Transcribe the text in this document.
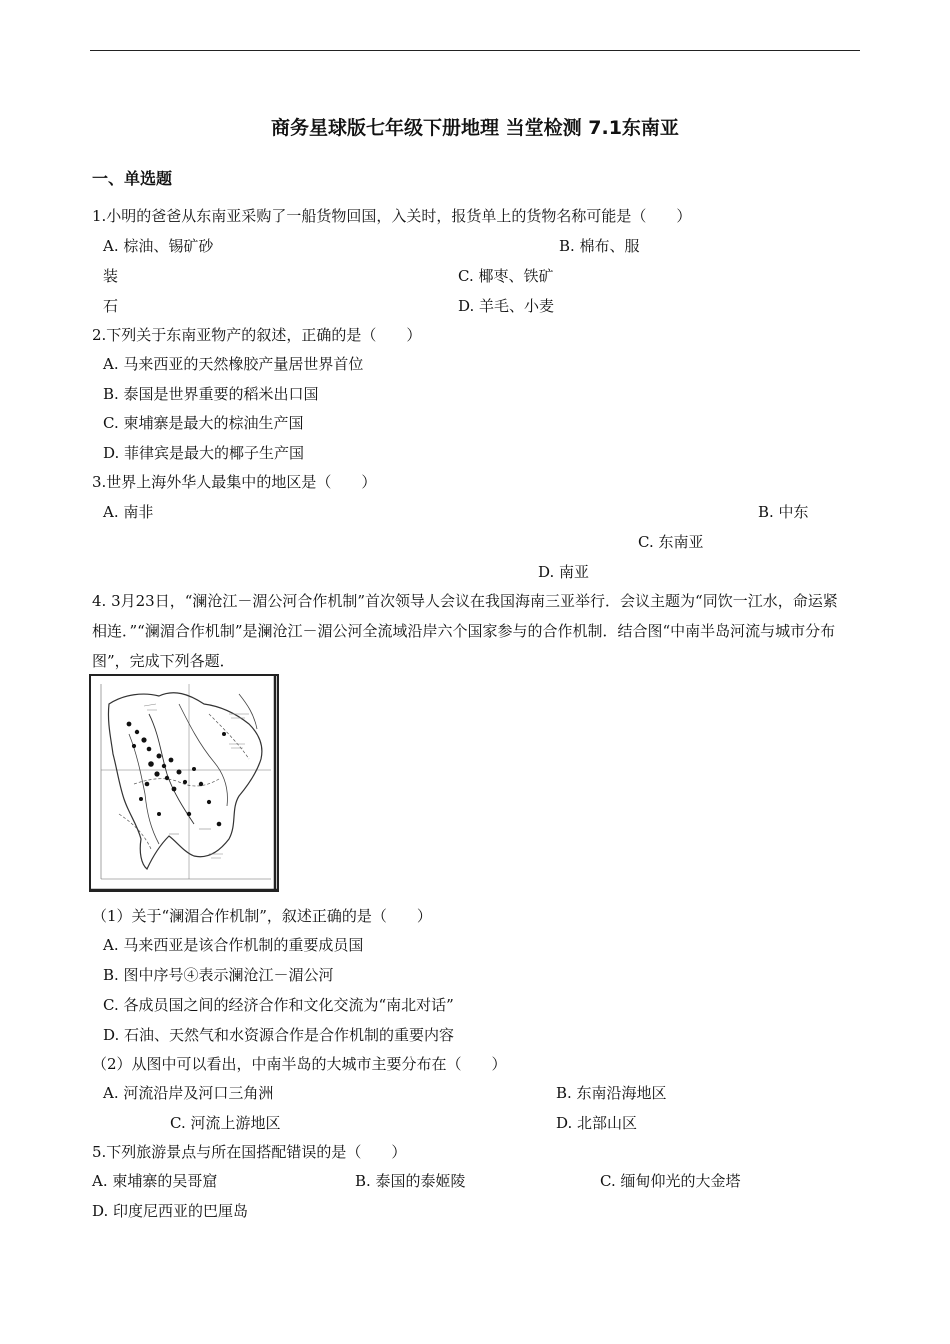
商务星球版七年级下册地理 当堂检测 7.1东南亚
一、单选题
1.小明的爸爸从东南亚采购了一船货物回国，入关时，报货单上的货物名称可能是（　　）
A. 棕油、锡矿砂	B. 棉布、服
装	C. 椰枣、铁矿
石	D. 羊毛、小麦
2.下列关于东南亚物产的叙述，正确的是（　　）
A. 马来西亚的天然橡胶产量居世界首位
B. 泰国是世界重要的稻米出口国
C. 柬埔寨是最大的棕油生产国
D. 菲律宾是最大的椰子生产国
3.世界上海外华人最集中的地区是（　　）
A. 南非	B. 中东
C. 东南亚
D. 南亚
4. 3月23日，“澜沧江－湄公河合作机制”首次领导人会议在我国海南三亚举行．会议主题为“同饮一江水，命运紧相连．”“澜湄合作机制”是澜沧江－湄公河全流域沿岸六个国家参与的合作机制．结合图“中南半岛河流与城市分布图”，完成下列各题．
（1）关于“澜湄合作机制”，叙述正确的是（　　）
A. 马来西亚是该合作机制的重要成员国
B. 图中序号④表示澜沧江－湄公河
C. 各成员国之间的经济合作和文化交流为“南北对话”
D. 石油、天然气和水资源合作是合作机制的重要内容
（2）从图中可以看出，中南半岛的大城市主要分布在（　　）
A. 河流沿岸及河口三角洲	B. 东南沿海地区
C. 河流上游地区	D. 北部山区
5.下列旅游景点与所在国搭配错误的是（　　）
A. 柬埔寨的吴哥窟	B. 泰国的泰姬陵	C. 缅甸仰光的大金塔
D. 印度尼西亚的巴厘岛
